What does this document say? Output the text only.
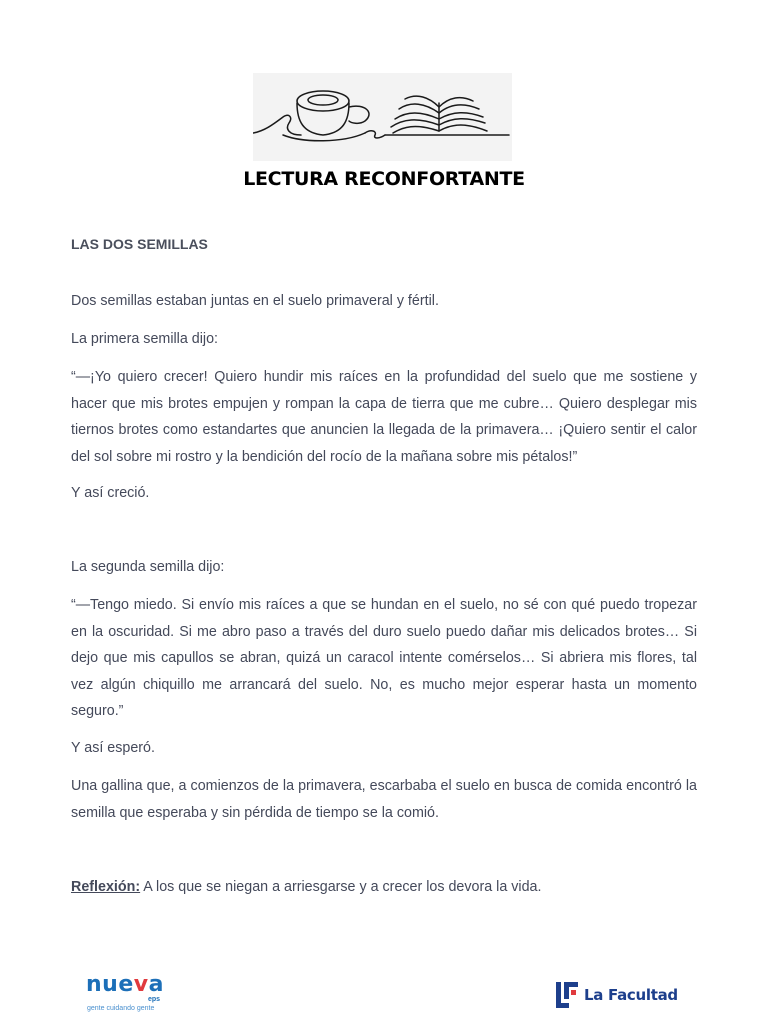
LECTURA RECONFORTANTE
LAS DOS SEMILLAS

Dos semillas estaban juntas en el suelo primaveral y fértil.

La primera semilla dijo:

“—¡Yo quiero crecer! Quiero hundir mis raíces en la profundidad del suelo que me sostiene y hacer que mis brotes empujen y rompan la capa de tierra que me cubre… Quiero desplegar mis tiernos brotes como estandartes que anuncien la llegada de la primavera… ¡Quiero sentir el calor del sol sobre mi rostro y la bendición del rocío de la mañana sobre mis pétalos!”

Y así creció.

La segunda semilla dijo:

“—Tengo miedo. Si envío mis raíces a que se hundan en el suelo, no sé con qué puedo tropezar en la oscuridad. Si me abro paso a través del duro suelo puedo dañar mis delicados brotes… Si dejo que mis capullos se abran, quizá un caracol intente comérselos… Si abriera mis flores, tal vez algún chiquillo me arrancará del suelo. No, es mucho mejor esperar hasta un momento seguro.”

Y así esperó.

Una gallina que, a comienzos de la primavera, escarbaba el suelo en busca de comida encontró la semilla que esperaba y sin pérdida de tiempo se la comió.

Reflexión: A los que se niegan a arriesgarse y a crecer los devora la vida.

nueva
eps
gente cuidando gente
La Facultad
